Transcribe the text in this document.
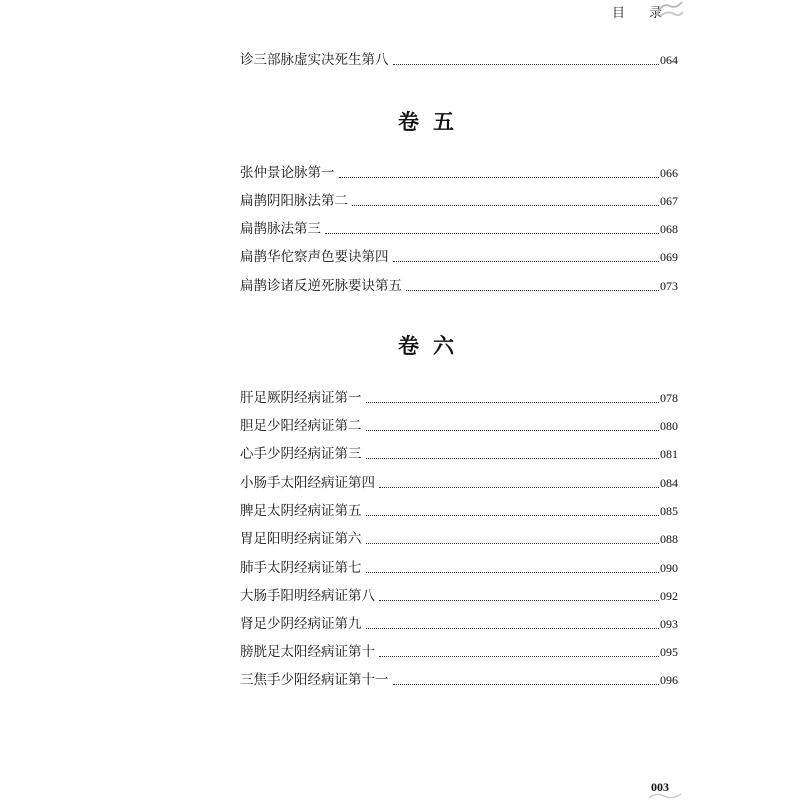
目 录
诊三部脉虚实决死生第八	064
卷五
张仲景论脉第一	066
扁鹊阴阳脉法第二	067
扁鹊脉法第三	068
扁鹊华佗察声色要诀第四	069
扁鹊诊诸反逆死脉要诀第五	073
卷六
肝足厥阴经病证第一	078
胆足少阳经病证第二	080
心手少阴经病证第三	081
小肠手太阳经病证第四	084
脾足太阴经病证第五	085
胃足阳明经病证第六	088
肺手太阴经病证第七	090
大肠手阳明经病证第八	092
肾足少阴经病证第九	093
膀胱足太阳经病证第十	095
三焦手少阳经病证第十一	096
003
